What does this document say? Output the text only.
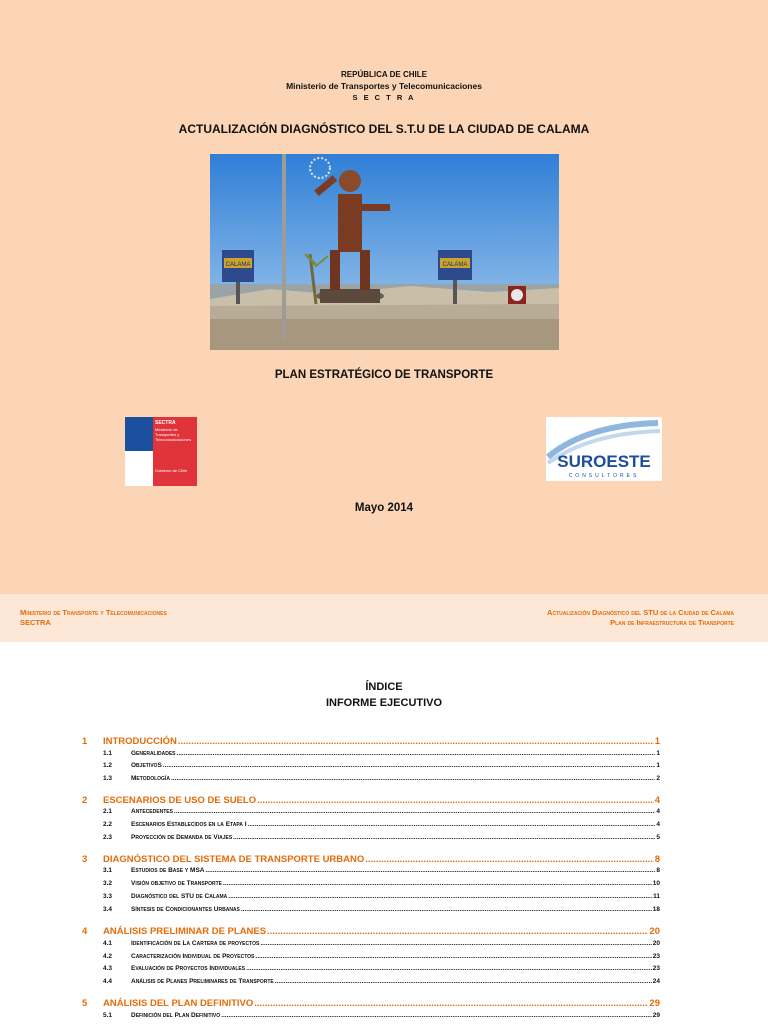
REPÚBLICA DE CHILE
Ministerio de Transportes y Telecomunicaciones
S E C T R A
ACTUALIZACIÓN DIAGNÓSTICO DEL S.T.U DE LA CIUDAD DE CALAMA
CALAMA	CALAMA
PLAN ESTRATÉGICO DE TRANSPORTE
SECTRA
Ministerio de Transportes y Telecomunicaciones
Gobierno de Chile	SUROESTE
CONSULTORES
Mayo 2014
Ministerio de Transporte y Telecomunicaciones
SECTRA
Actualización Diagnóstico del STU de la Ciudad de Calama
Plan de Infraestructura de Transporte
ÍNDICE
INFORME EJECUTIVO
1	INTRODUCCIÓN .....	1
1.1	Generalidades .....	1
1.2	ObjetivoS .....	1
1.3	Metodología .....	2
2	ESCENARIOS DE USO DE SUELO .....	4
2.1	Antecedentes .....	4
2.2	Escenarios Establecidos en la Etapa I .....	4
2.3	Proyección de Demanda de Viajes .....	5
3	DIAGNÓSTICO DEL SISTEMA DE TRANSPORTE URBANO .....	8
3.1	Estudios de Base y MSA .....	8
3.2	Visión objetivo de Transporte .....	10
3.3	Diagnóstico del STU de Calama .....	11
3.4	Síntesis de Condicionantes Urbanas .....	18
4	ANÁLISIS PRELIMINAR DE PLANES .....	20
4.1	Identificación de La Cartera de proyectos .....	20
4.2	Caracterización Individual de Proyectos .....	23
4.3	Evaluación de Proyectos Individuales .....	23
4.4	Análisis de Planes Preliminares de Transporte .....	24
5	ANÁLISIS DEL PLAN DEFINITIVO .....	29
5.1	Definición del Plan Definitivo .....	29
